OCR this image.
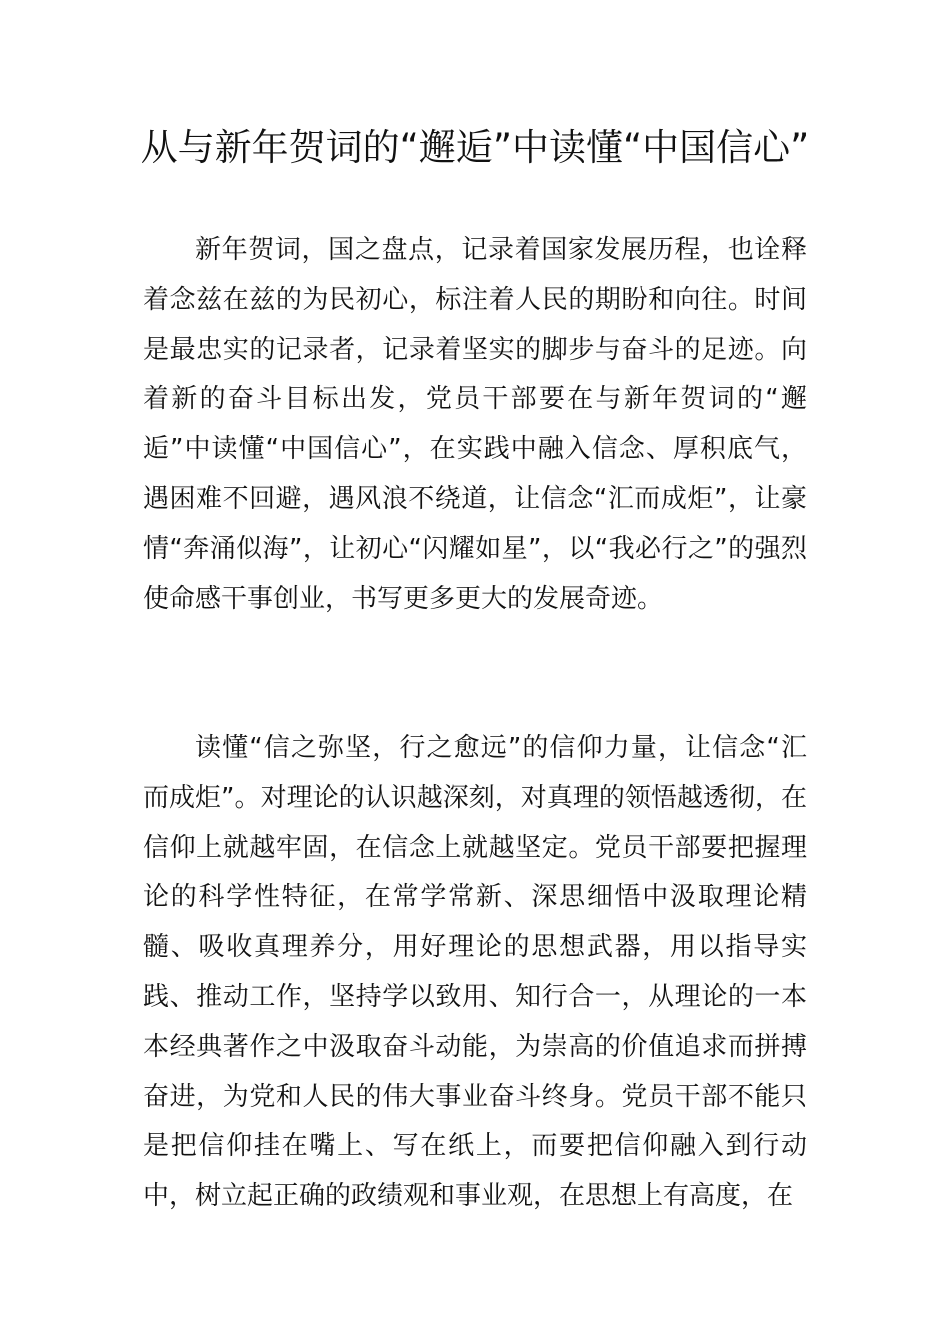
从与新年贺词的“邂逅”中读懂“中国信心”

新年贺词，国之盘点，记录着国家发展历程，也诠释着念兹在兹的为民初心，标注着人民的期盼和向往。时间是最忠实的记录者，记录着坚实的脚步与奋斗的足迹。向着新的奋斗目标出发，党员干部要在与新年贺词的“邂逅”中读懂“中国信心”，在实践中融入信念、厚积底气，遇困难不回避，遇风浪不绕道，让信念“汇而成炬”，让豪情“奔涌似海”，让初心“闪耀如星”，以“我必行之”的强烈使命感干事创业，书写更多更大的发展奇迹。

读懂“信之弥坚，行之愈远”的信仰力量，让信念“汇而成炬”。对理论的认识越深刻，对真理的领悟越透彻，在信仰上就越牢固，在信念上就越坚定。党员干部要把握理论的科学性特征，在常学常新、深思细悟中汲取理论精髓、吸收真理养分，用好理论的思想武器，用以指导实践、推动工作，坚持学以致用、知行合一，从理论的一本本经典著作之中汲取奋斗动能，为崇高的价值追求而拼搏奋进，为党和人民的伟大事业奋斗终身。党员干部不能只是把信仰挂在嘴上、写在纸上，而要把信仰融入到行动中，树立起正确的政绩观和事业观，在思想上有高度，在
